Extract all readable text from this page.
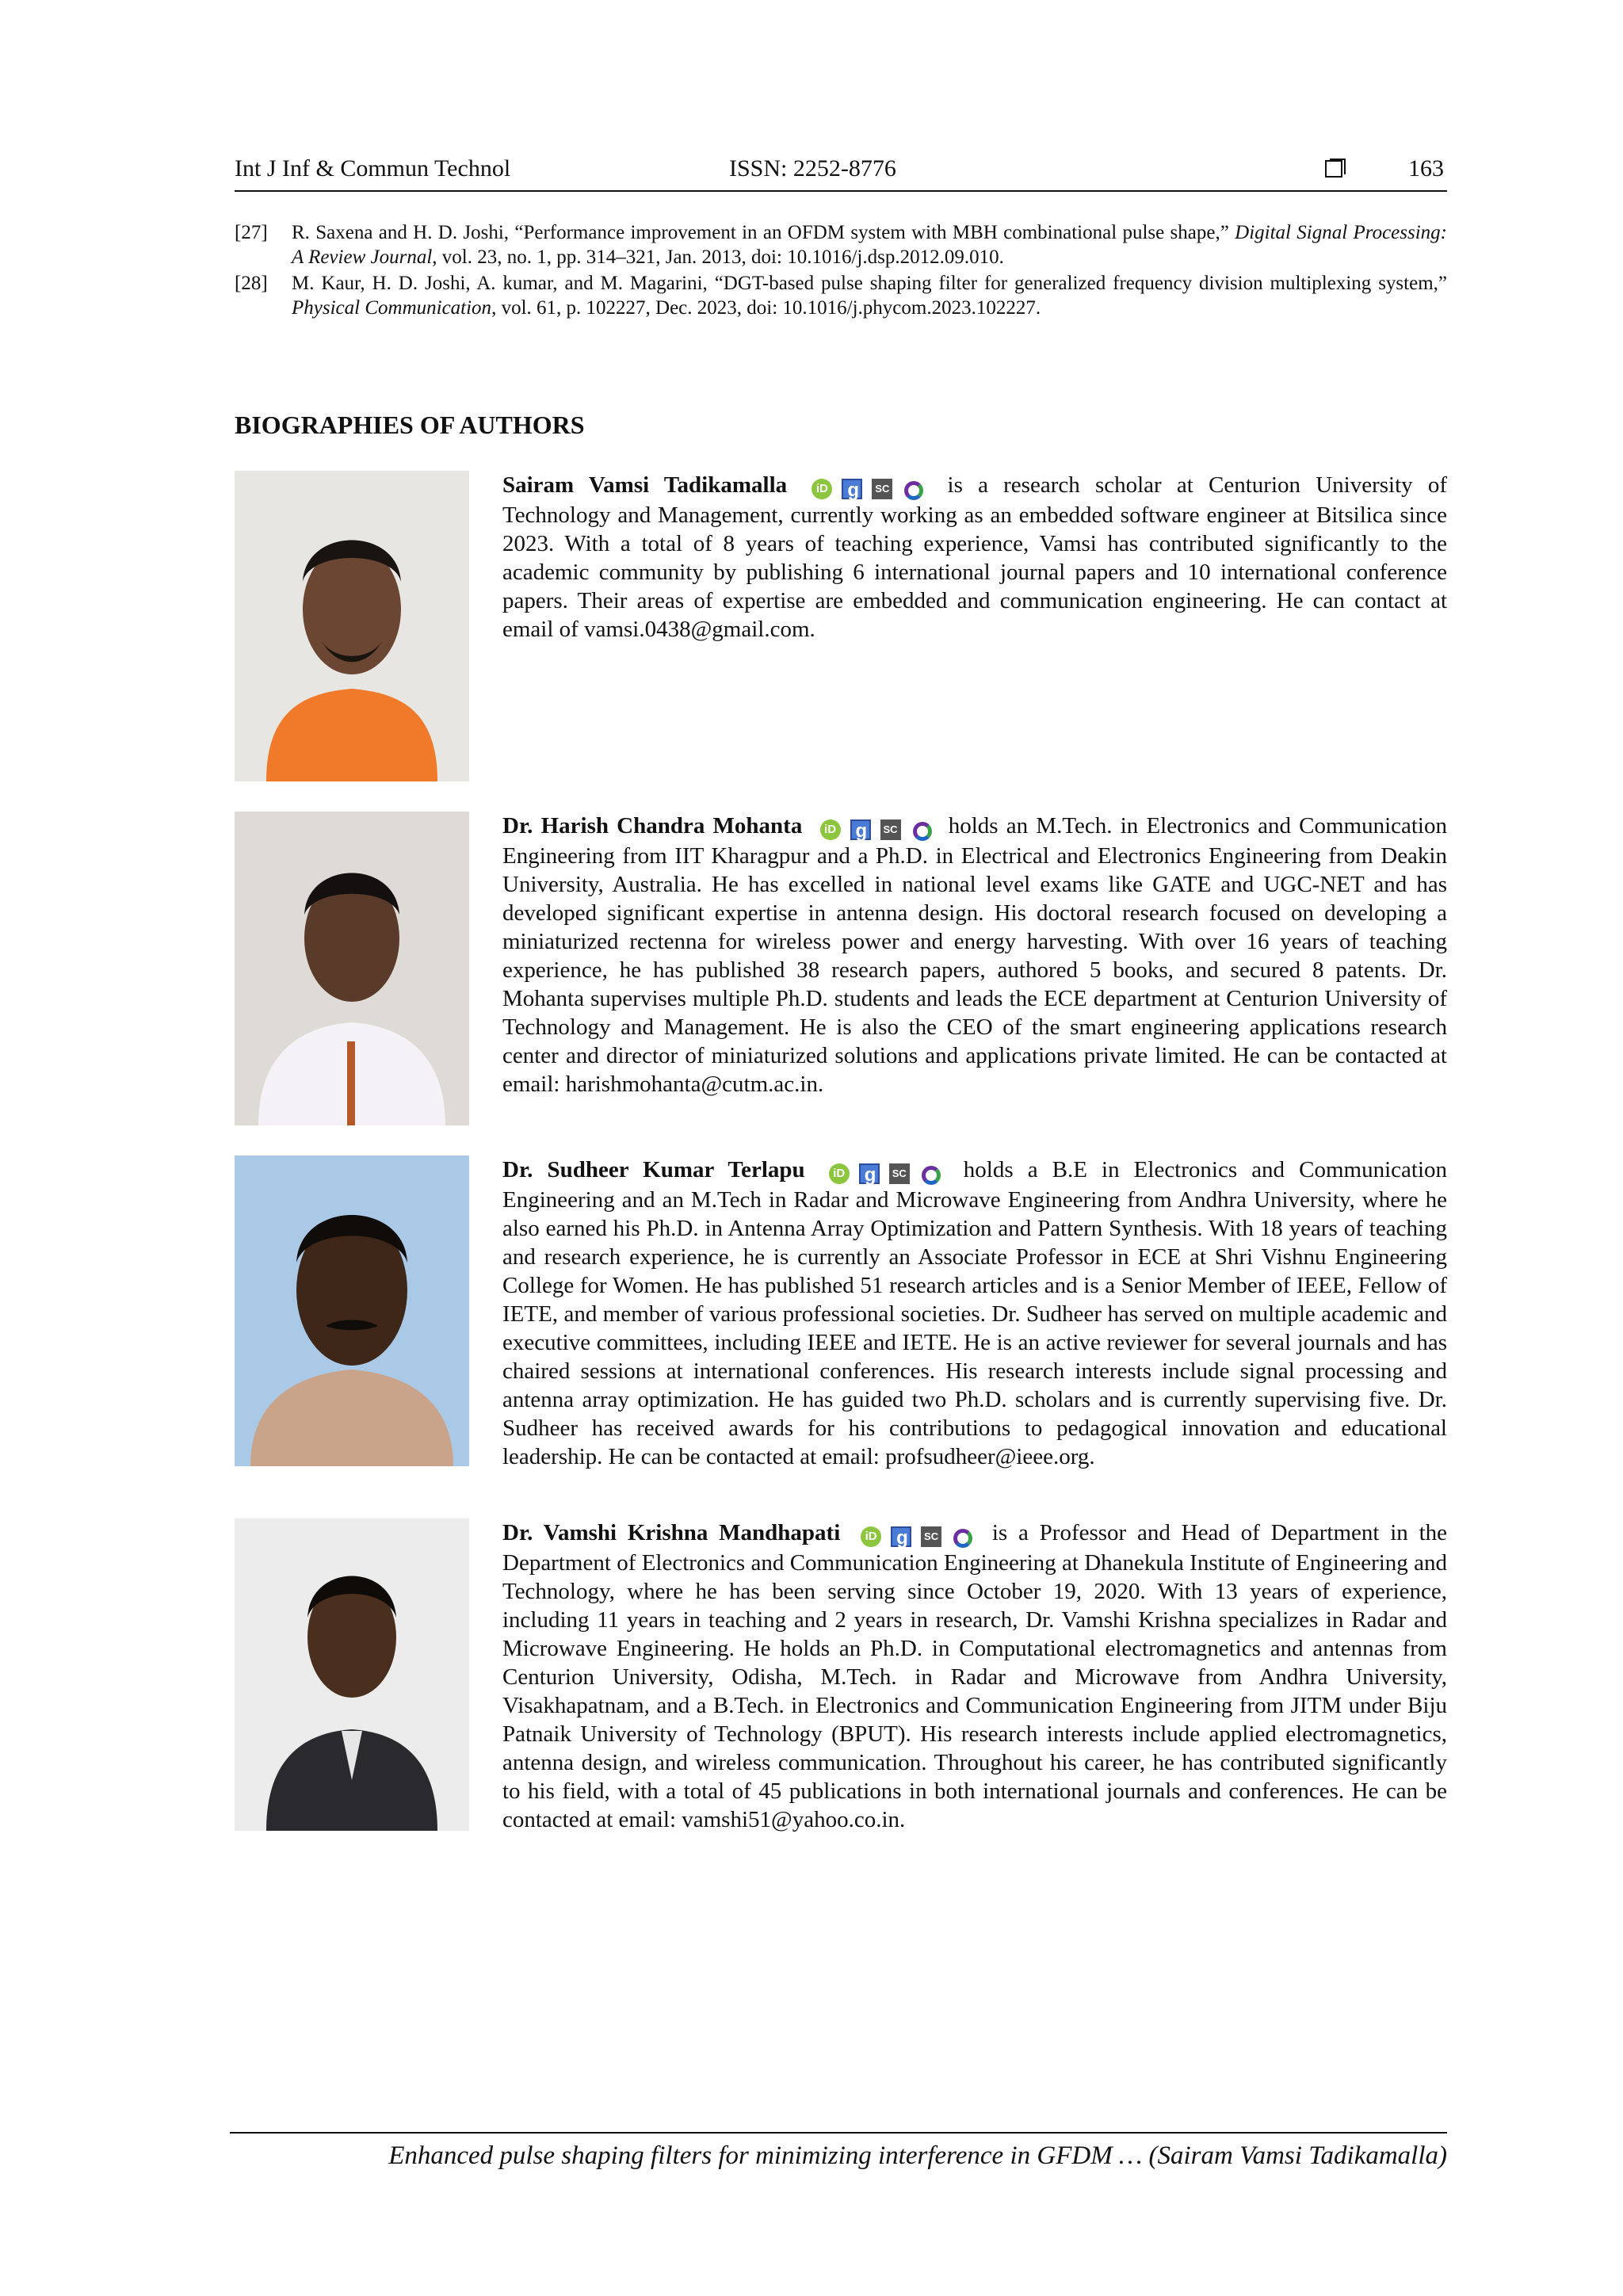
Int J Inf & Commun Technol	ISSN: 2252-8776	163
[27] R. Saxena and H. D. Joshi, “Performance improvement in an OFDM system with MBH combinational pulse shape,” Digital Signal Processing: A Review Journal, vol. 23, no. 1, pp. 314–321, Jan. 2013, doi: 10.1016/j.dsp.2012.09.010.
[28] M. Kaur, H. D. Joshi, A. kumar, and M. Magarini, “DGT-based pulse shaping filter for generalized frequency division multiplexing system,” Physical Communication, vol. 61, p. 102227, Dec. 2023, doi: 10.1016/j.phycom.2023.102227.
BIOGRAPHIES OF AUTHORS
Sairam Vamsi Tadikamalla iD g	SC	is a research scholar at Centurion University of Technology and Management, currently working as an embedded software engineer at Bitsilica since 2023. With a total of 8 years of teaching experience, Vamsi has contributed significantly to the academic community by publishing 6 international journal papers and 10 international conference papers. Their areas of expertise are embedded and communication engineering. He can contact at email of vamsi.0438@gmail.com.
Dr. Harish Chandra Mohanta iD g	SC holds an M.Tech. in Electronics and Communication Engineering from IIT Kharagpur and a Ph.D. in Electrical and Electronics Engineering from Deakin University, Australia. He has excelled in national level exams like GATE and UGC-NET and has developed significant expertise in antenna design. His doctoral research focused on developing a miniaturized rectenna for wireless power and energy harvesting. With over 16 years of teaching experience, he has published 38 research papers, authored 5 books, and secured 8 patents. Dr. Mohanta supervises multiple Ph.D. students and leads the ECE department at Centurion University of Technology and Management. He is also the CEO of the smart engineering applications research center and director of miniaturized solutions and applications private limited. He can be contacted at email: harishmohanta@cutm.ac.in.
Dr. Sudheer Kumar Terlapu iD g	SC holds a B.E in Electronics and Communication Engineering and an M.Tech in Radar and Microwave Engineering from Andhra University, where he also earned his Ph.D. in Antenna Array Optimization and Pattern Synthesis. With 18 years of teaching and research experience, he is currently an Associate Professor in ECE at Shri Vishnu Engineering College for Women. He has published 51 research articles and is a Senior Member of IEEE, Fellow of IETE, and member of various professional societies. Dr. Sudheer has served on multiple academic and executive committees, including IEEE and IETE. He is an active reviewer for several journals and has chaired sessions at international conferences. His research interests include signal processing and antenna array optimization. He has guided two Ph.D. scholars and is currently supervising five. Dr. Sudheer has received awards for his contributions to pedagogical innovation and educational leadership. He can be contacted at email: profsudheer@ieee.org.
Dr. Vamshi Krishna Mandhapati iD g	SC is a Professor and Head of Department in the Department of Electronics and Communication Engineering at Dhanekula Institute of Engineering and Technology, where he has been serving since October 19, 2020. With 13 years of experience, including 11 years in teaching and 2 years in research, Dr. Vamshi Krishna specializes in Radar and Microwave Engineering. He holds an Ph.D. in Computational electromagnetics and antennas from Centurion University, Odisha, M.Tech. in Radar and Microwave from Andhra University, Visakhapatnam, and a B.Tech. in Electronics and Communication Engineering from JITM under Biju Patnaik University of Technology (BPUT). His research interests include applied electromagnetics, antenna design, and wireless communication. Throughout his career, he has contributed significantly to his field, with a total of 45 publications in both international journals and conferences. He can be contacted at email: vamshi51@yahoo.co.in.
Enhanced pulse shaping filters for minimizing interference in GFDM … (Sairam Vamsi Tadikamalla)
